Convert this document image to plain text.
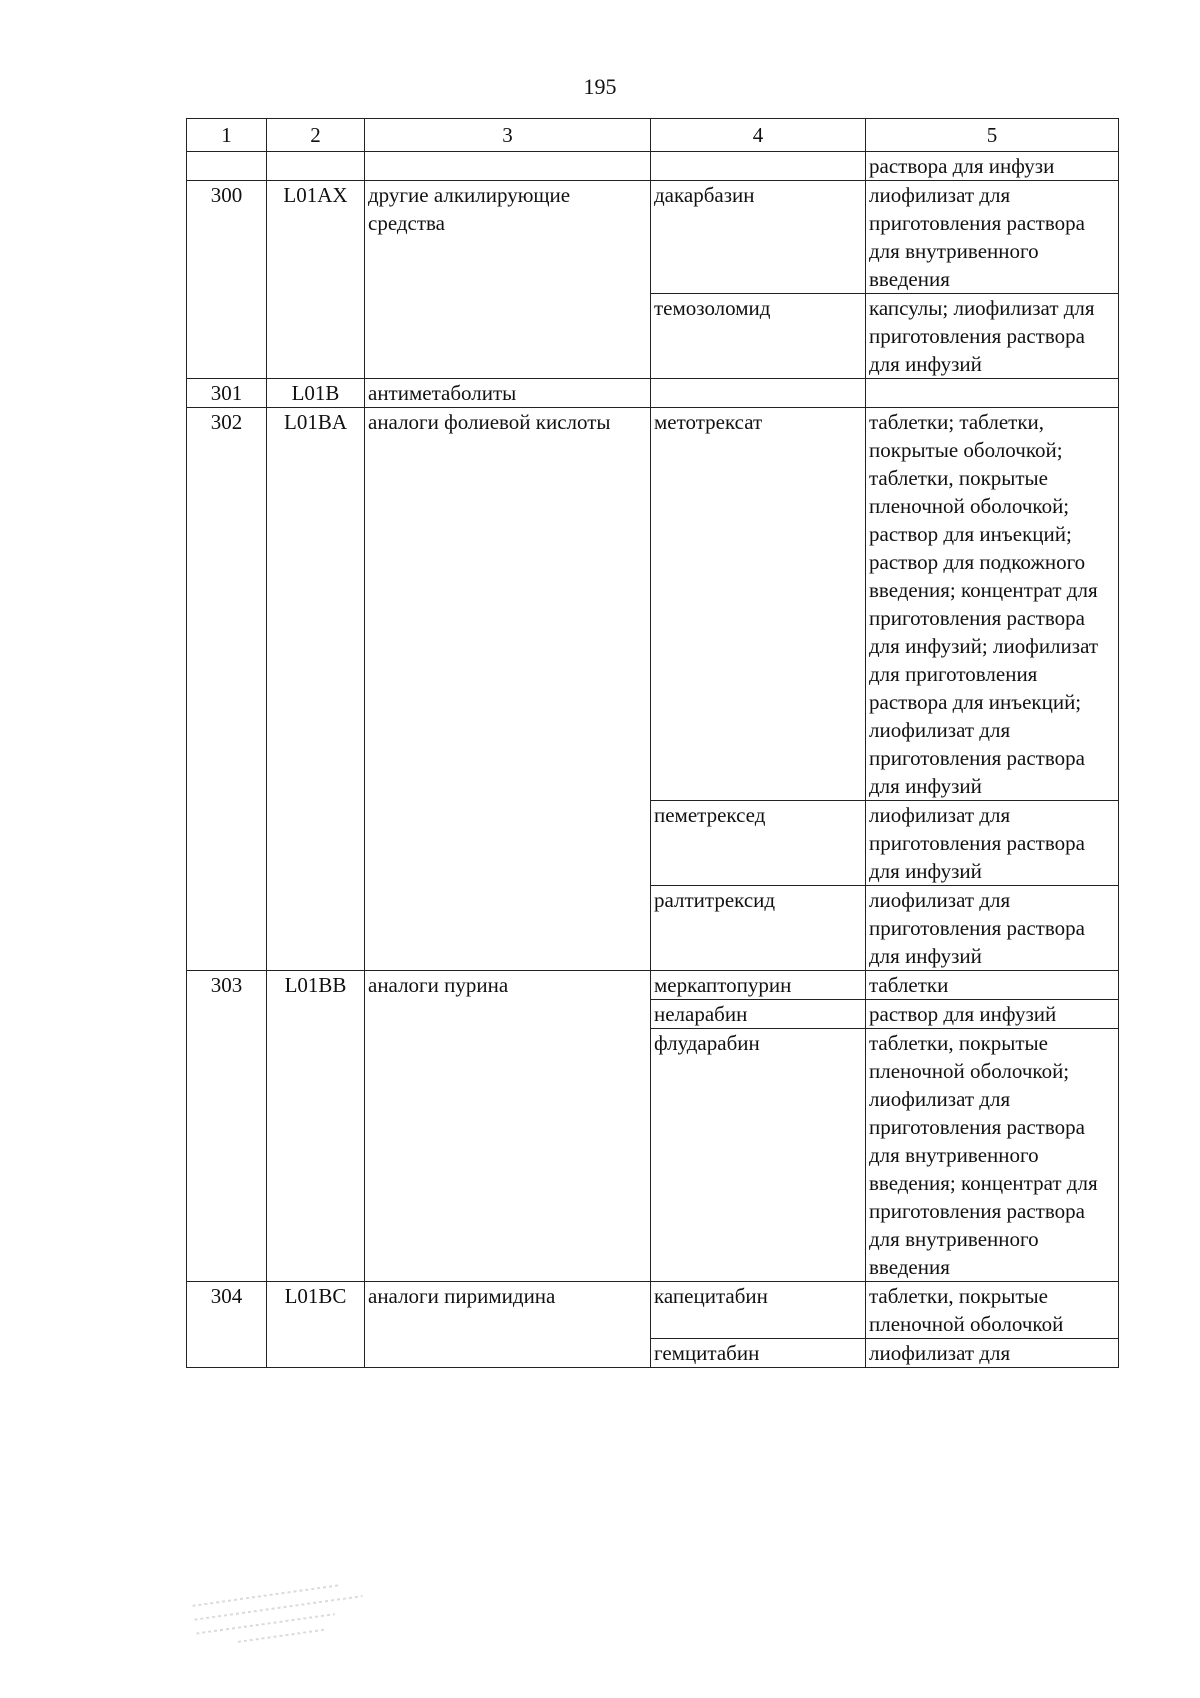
195
1	2	3	4	5
				раствора для инфузи
300	L01AX	другие алкилирующие средства	дакарбазин	лиофилизат для приготовления раствора для внутривенного введения
			темозоломид	капсулы; лиофилизат для приготовления раствора для инфузий
301	L01B	антиметаболиты		
302	L01BA	аналоги фолиевой кислоты	метотрексат	таблетки; таблетки, покрытые оболочкой; таблетки, покрытые пленочной оболочкой; раствор для инъекций; раствор для подкожного введения; концентрат для приготовления раствора для инфузий; лиофилизат для приготовления раствора для инъекций; лиофилизат для приготовления раствора для инфузий
			пеметрексед	лиофилизат для приготовления раствора для инфузий
			ралтитрексид	лиофилизат для приготовления раствора для инфузий
303	L01BB	аналоги пурина	меркаптопурин	таблетки
			неларабин	раствор для инфузий
			флударабин	таблетки, покрытые пленочной оболочкой; лиофилизат для приготовления раствора для внутривенного введения; концентрат для приготовления раствора для внутривенного введения
304	L01BC	аналоги пиримидина	капецитабин	таблетки, покрытые пленочной оболочкой
			гемцитабин	лиофилизат для
